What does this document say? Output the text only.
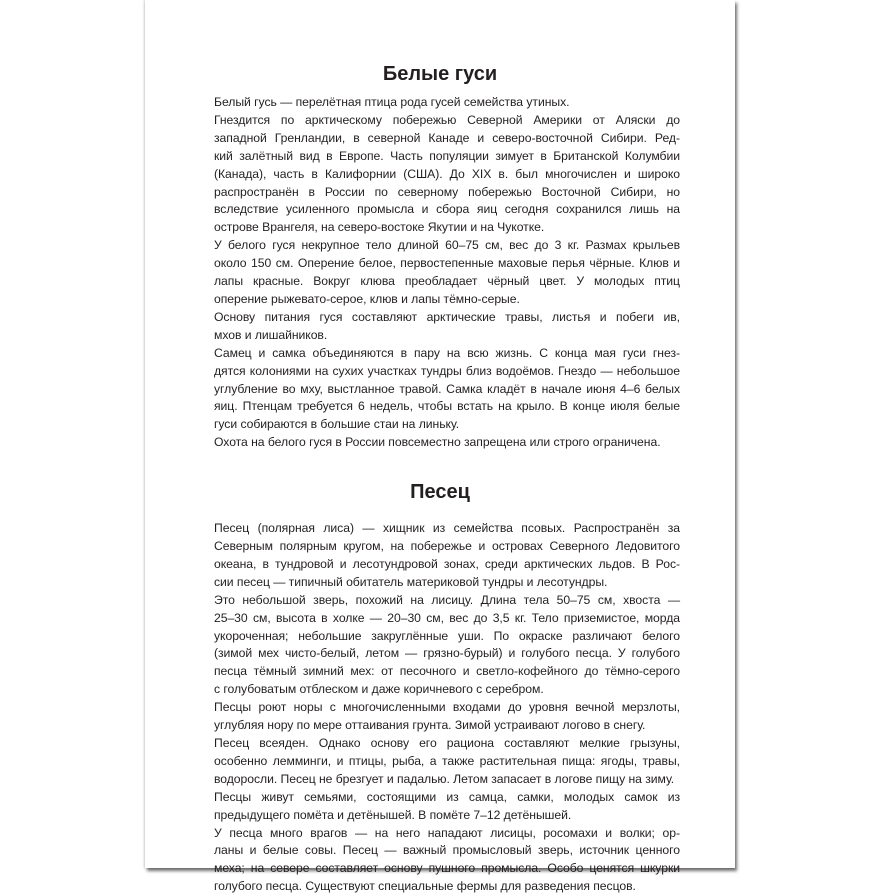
Белые гуси

Белый гусь — перелётная птица рода гусей семейства утиных.

Гнездится по арктическому побережью Северной Америки от Аляски до
западной Гренландии, в северной Канаде и северо-восточной Сибири. Ред-
кий залётный вид в Европе. Часть популяции зимует в Британской Колумбии
(Канада), часть в Калифорнии (США). До XIX в. был многочислен и широко
распространён в России по северному побережью Восточной Сибири, но
вследствие усиленного промысла и сбора яиц сегодня сохранился лишь на
острове Врангеля, на северо-востоке Якутии и на Чукотке.

У белого гуся некрупное тело длиной 60–75 см, вес до 3 кг. Размах крыльев
около 150 см. Оперение белое, первостепенные маховые перья чёрные. Клюв и
лапы красные. Вокруг клюва преобладает чёрный цвет. У молодых птиц
оперение рыжевато-серое, клюв и лапы тёмно-серые.

Основу питания гуся составляют арктические травы, листья и побеги ив,
мхов и лишайников.

Самец и самка объединяются в пару на всю жизнь. С конца мая гуси гнез-
дятся колониями на сухих участках тундры близ водоёмов. Гнездо — небольшое
углубление во мху, выстланное травой. Самка кладёт в начале июня 4–6 белых
яиц. Птенцам требуется 6 недель, чтобы встать на крыло. В конце июля белые
гуси собираются в большие стаи на линьку.

Охота на белого гуся в России повсеместно запрещена или строго ограничена.

Песец

Песец (полярная лиса) — хищник из семейства псовых. Распространён за
Северным полярным кругом, на побережье и островах Северного Ледовитого
океана, в тундровой и лесотундровой зонах, среди арктических льдов. В Рос-
сии песец — типичный обитатель материковой тундры и лесотундры.

Это небольшой зверь, похожий на лисицу. Длина тела 50–75 см, хвоста —
25–30 см, высота в холке — 20–30 см, вес до 3,5 кг. Тело приземистое, морда
укороченная; небольшие закруглённые уши. По окраске различают белого
(зимой мех чисто-белый, летом — грязно-бурый) и голубого песца. У голубого
песца тёмный зимний мех: от песочного и светло-кофейного до тёмно-серого
с голубоватым отблеском и даже коричневого с серебром.

Песцы роют норы с многочисленными входами до уровня вечной мерзлоты,
углубляя нору по мере оттаивания грунта. Зимой устраивают логово в снегу.

Песец всеяден. Однако основу его рациона составляют мелкие грызуны,
особенно лемминги, и птицы, рыба, а также растительная пища: ягоды, травы,
водоросли. Песец не брезгует и падалью. Летом запасает в логове пищу на зиму.

Песцы живут семьями, состоящими из самца, самки, молодых самок из
предыдущего помёта и детёнышей. В помёте 7–12 детёнышей.

У песца много врагов — на него нападают лисицы, росомахи и волки; ор-
ланы и белые совы. Песец — важный промысловый зверь, источник ценного
меха; на севере составляет основу пушного промысла. Особо ценятся шкурки
голубого песца. Существуют специальные фермы для разведения песцов.
